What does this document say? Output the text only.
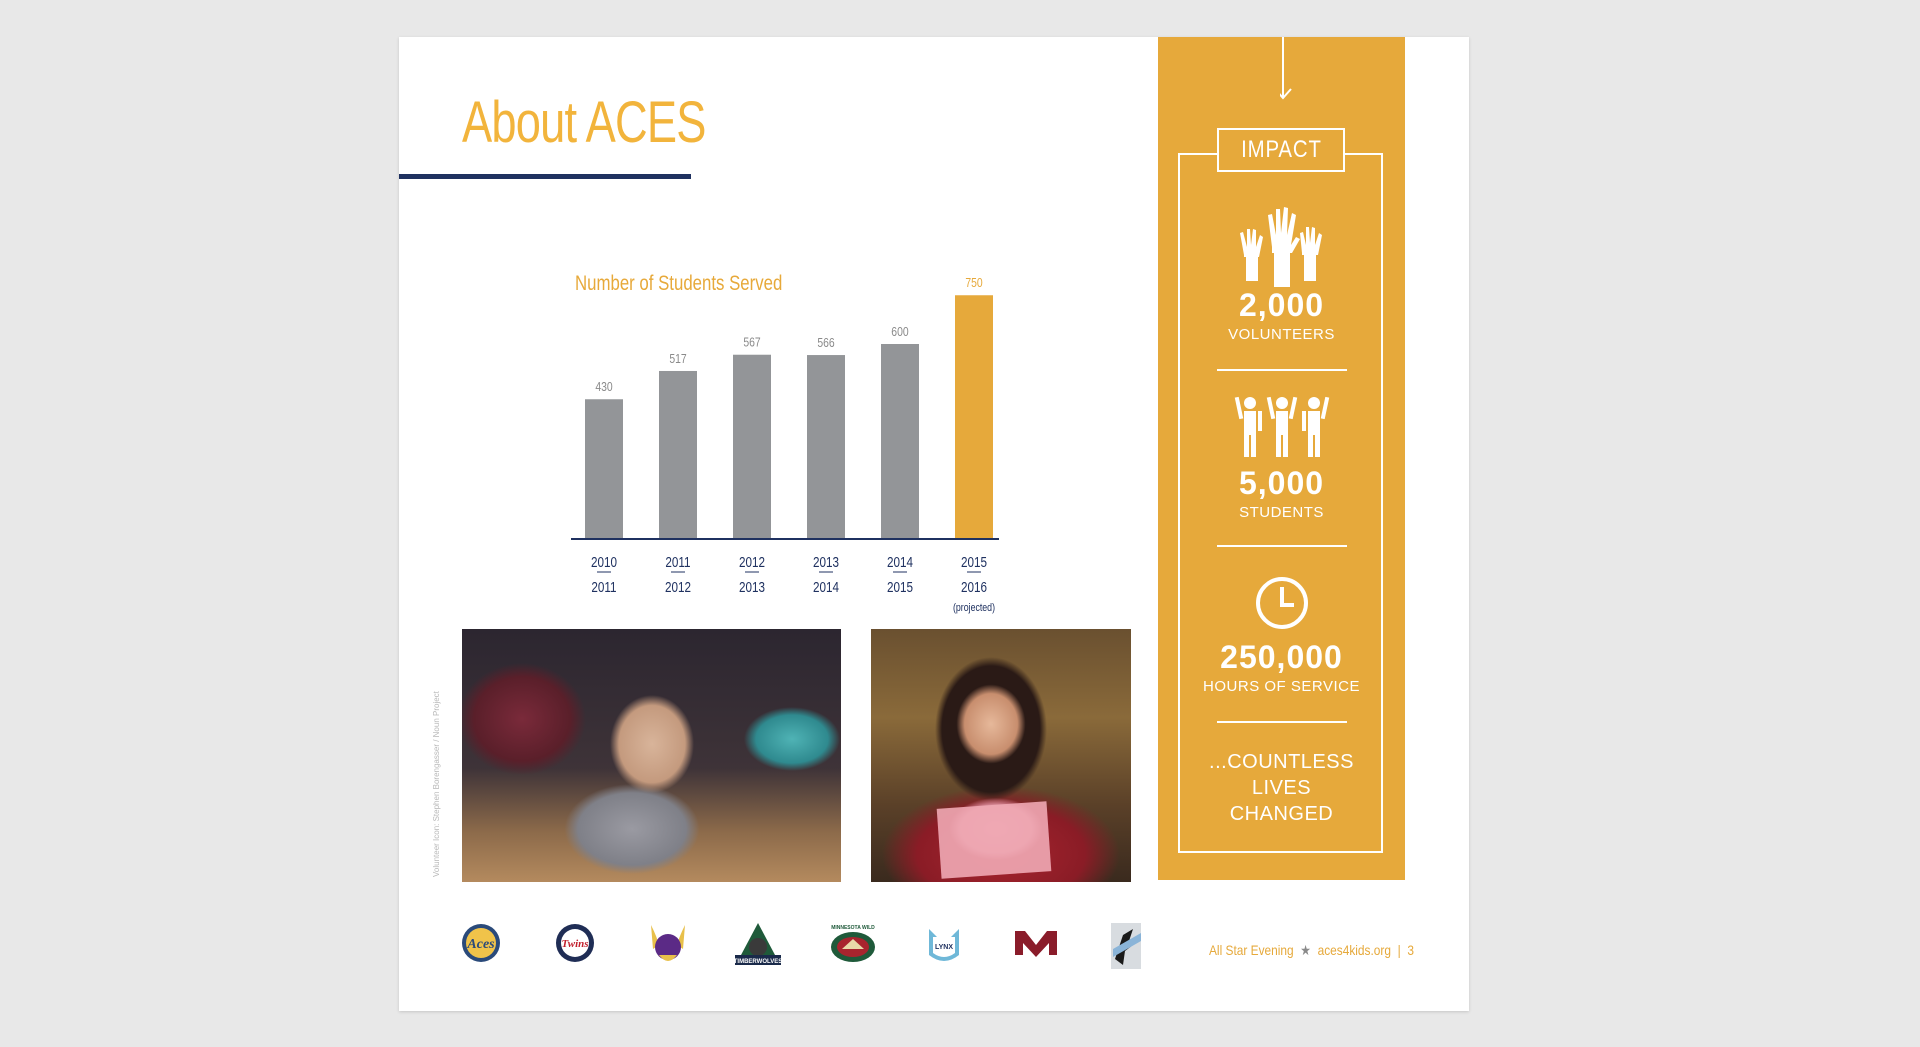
About ACES
Number of Students Served
430
2010
2011
517
2011
2012
567
2012
2013
566
2013
2014
600
2014
2015
750
2015
2016
(projected)
Volunteer Icon: Stephen Borengasser / Noun Project
IMPACT
2,000
VOLUNTEERS
5,000
STUDENTS
250,000
HOURS OF SERVICE
...COUNTLESS
LIVES
CHANGED
Aces	Twins
TIMBERWOLVES
MINNESOTA WILD
LYNX	All Star Evening ★ aces4kids.org | 3
